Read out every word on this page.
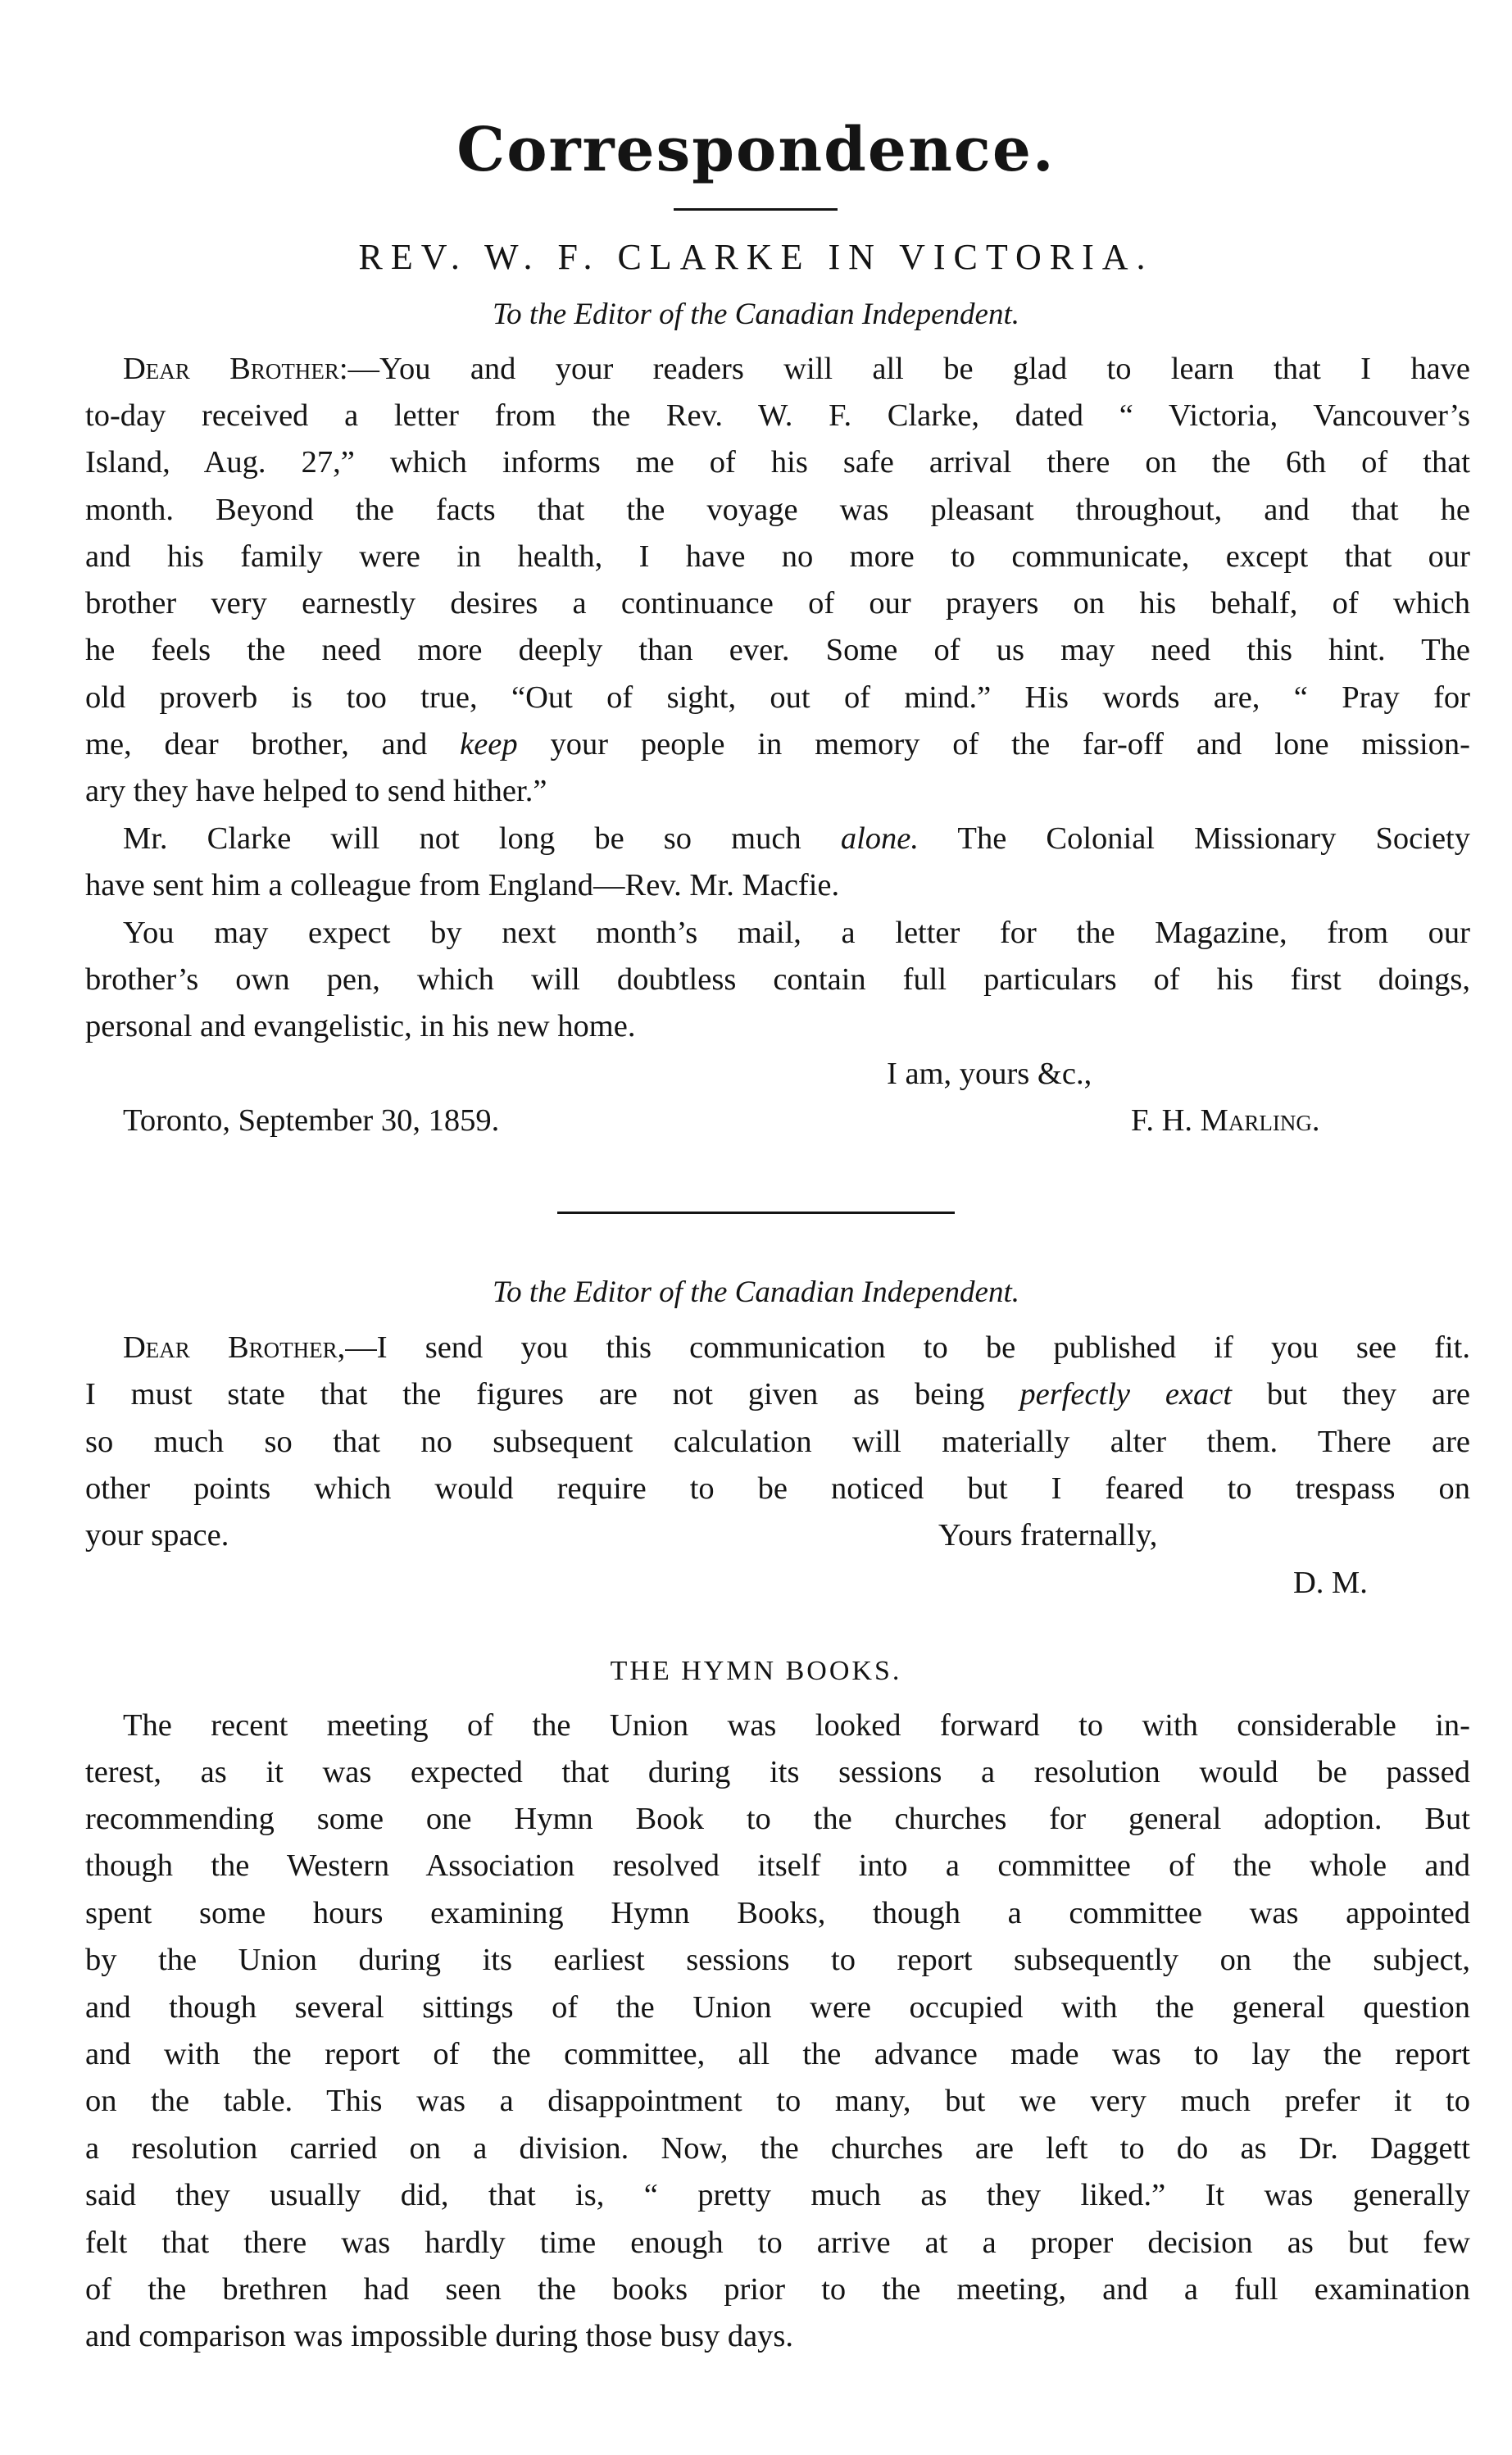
Correspondence.
REV. W. F. CLARKE IN VICTORIA.

To the Editor of the Canadian Independent.

Dear Brother:—You and your readers will all be glad to learn that I have

to-day received a letter from the Rev. W. F. Clarke, dated “ Victoria, Vancouver’s

Island, Aug. 27,” which informs me of his safe arrival there on the 6th of that

month. Beyond the facts that the voyage was pleasant throughout, and that he

and his family were in health, I have no more to communicate, except that our

brother very earnestly desires a continuance of our prayers on his behalf, of which

he feels the need more deeply than ever. Some of us may need this hint. The

old proverb is too true, “Out of sight, out of mind.” His words are, “ Pray for

me, dear brother, and keep your people in memory of the far-off and lone mission-

ary they have helped to send hither.”

Mr. Clarke will not long be so much alone. The Colonial Missionary Society

have sent him a colleague from England—Rev. Mr. Macfie.

You may expect by next month’s mail, a letter for the Magazine, from our

brother’s own pen, which will doubtless contain full particulars of his first doings,

personal and evangelistic, in his new home.

I am, yours &c.,

Toronto, September 30, 1859.	F. H. Marling.

To the Editor of the Canadian Independent.

Dear Brother,—I send you this communication to be published if you see fit.

I must state that the figures are not given as being perfectly exact but they are

so much so that no subsequent calculation will materially alter them. There are

other points which would require to be noticed but I feared to trespass on

your space.	Yours fraternally,

D. M.

THE HYMN BOOKS.

The recent meeting of the Union was looked forward to with considerable in-

terest, as it was expected that during its sessions a resolution would be passed

recommending some one Hymn Book to the churches for general adoption. But

though the Western Association resolved itself into a committee of the whole and

spent some hours examining Hymn Books, though a committee was appointed

by the Union during its earliest sessions to report subsequently on the subject,

and though several sittings of the Union were occupied with the general question

and with the report of the committee, all the advance made was to lay the report

on the table. This was a disappointment to many, but we very much prefer it to

a resolution carried on a division. Now, the churches are left to do as Dr. Daggett

said they usually did, that is, “ pretty much as they liked.” It was generally

felt that there was hardly time enough to arrive at a proper decision as but few

of the brethren had seen the books prior to the meeting, and a full examination

and comparison was impossible during those busy days.
